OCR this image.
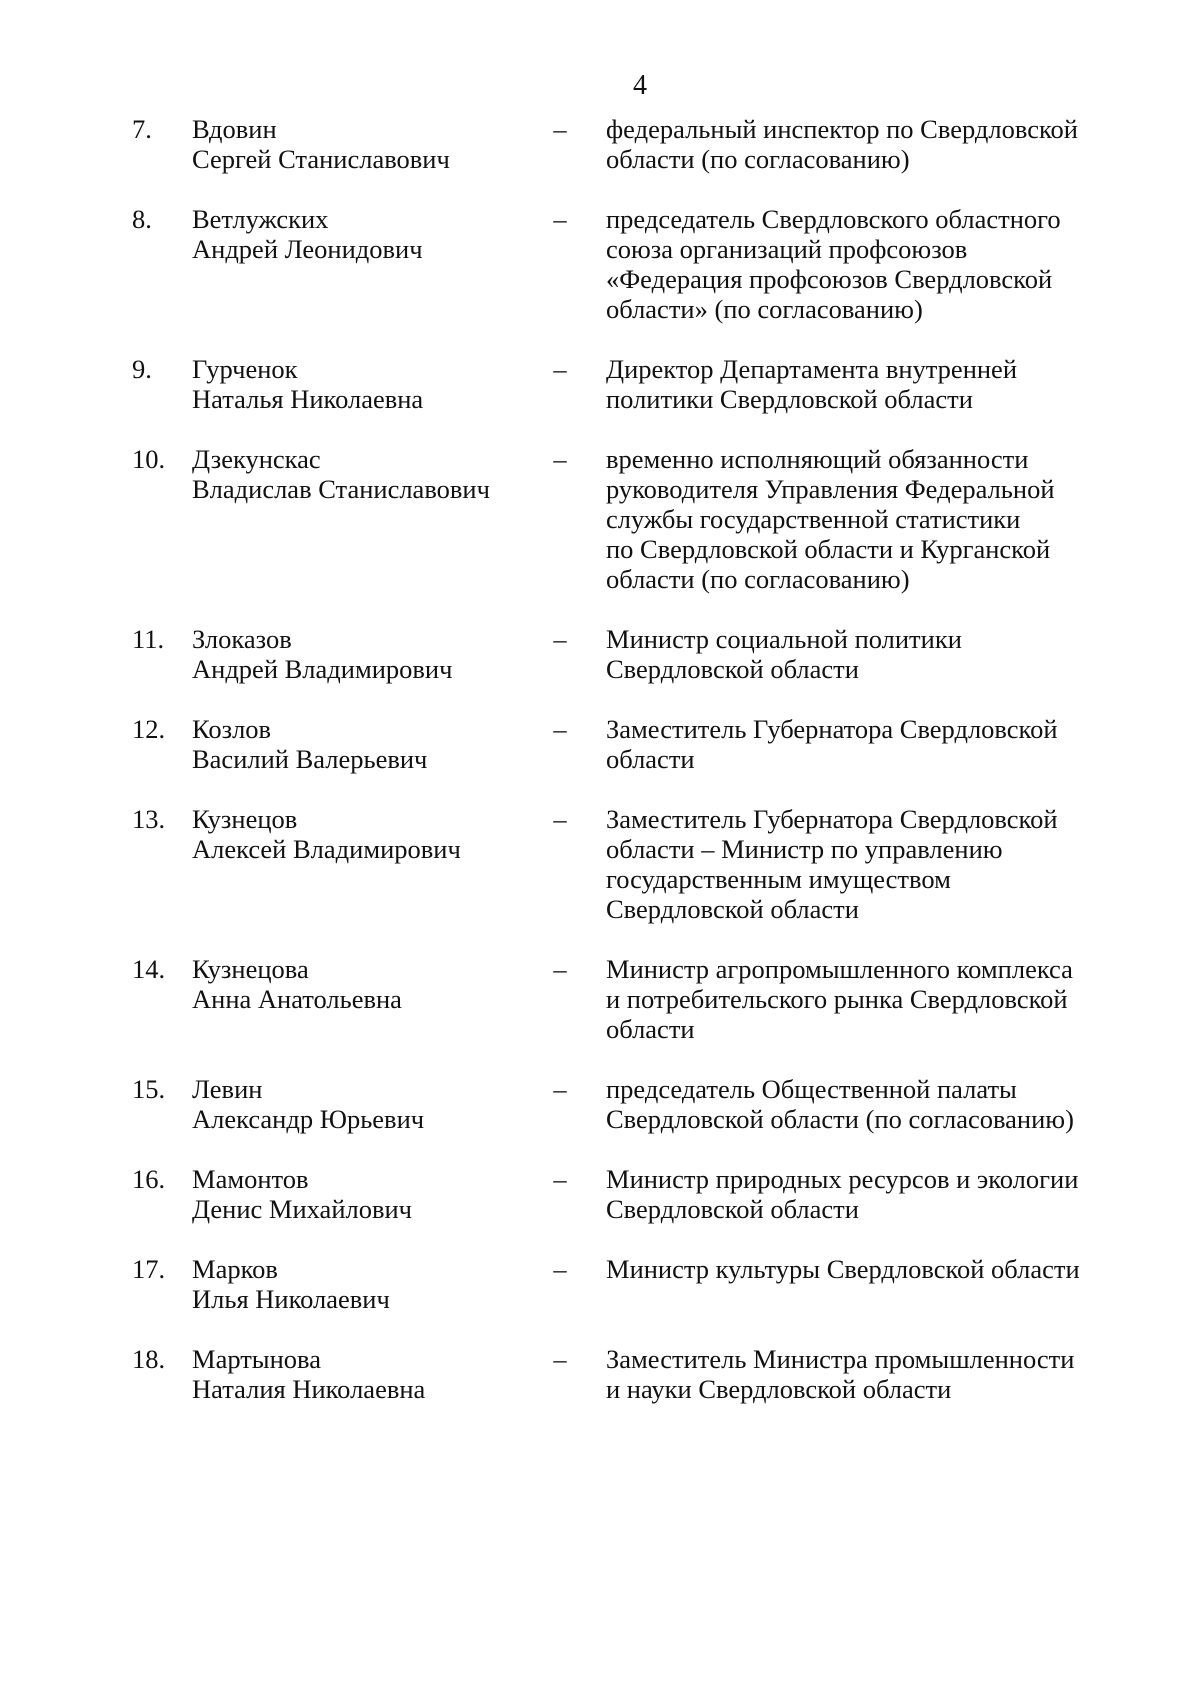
4
7.	Вдовин
Сергей Станиславович
–	федеральный инспектор по Свердловской
области (по согласованию)
8.	Ветлужских
Андрей Леонидович
–	председатель Свердловского областного
союза организаций профсоюзов
«Федерация профсоюзов Свердловской
области» (по согласованию)
9.	Гурченок
Наталья Николаевна
–	Директор Департамента внутренней
политики Свердловской области
10.	Дзекунскас
Владислав Станиславович
–	временно исполняющий обязанности
руководителя Управления Федеральной
службы государственной статистики
по Свердловской области и Курганской
области (по согласованию)
11.	Злоказов
Андрей Владимирович
–	Министр социальной политики
Свердловской области
12.	Козлов
Василий Валерьевич
–	Заместитель Губернатора Свердловской
области
13.	Кузнецов
Алексей Владимирович
–	Заместитель Губернатора Свердловской
области – Министр по управлению
государственным имуществом
Свердловской области
14.	Кузнецова
Анна Анатольевна
–	Министр агропромышленного комплекса
и потребительского рынка Свердловской
области
15.	Левин
Александр Юрьевич
–	председатель Общественной палаты
Свердловской области (по согласованию)
16.	Мамонтов
Денис Михайлович
–	Министр природных ресурсов и экологии
Свердловской области
17.	Марков
Илья Николаевич
–	Министр культуры Свердловской области
18.	Мартынова
Наталия Николаевна
–	Заместитель Министра промышленности
и науки Свердловской области
